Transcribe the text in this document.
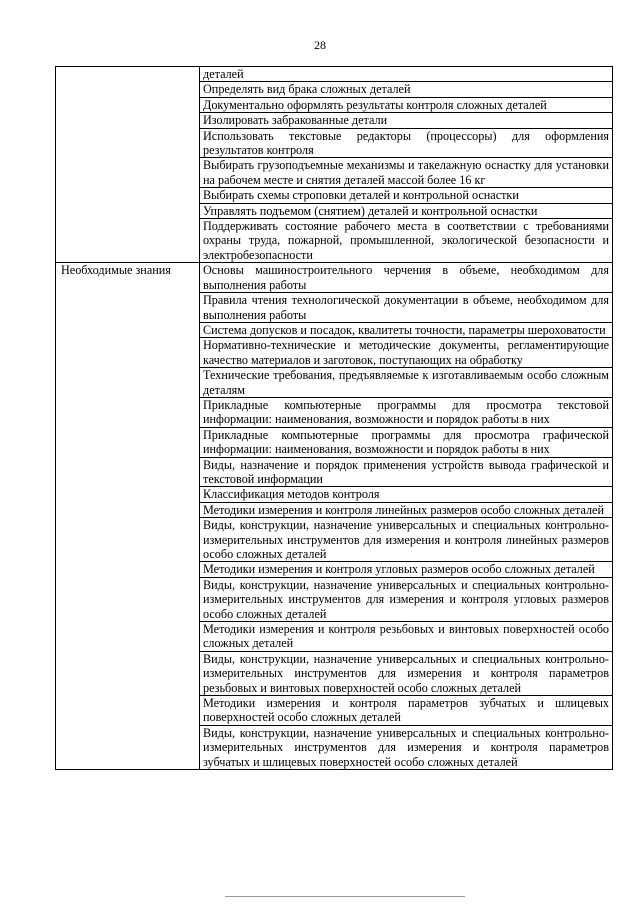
28
	деталей
	Определять вид брака сложных деталей
	Документально оформлять результаты контроля сложных деталей
	Изолировать забракованные детали
	Использовать текстовые редакторы (процессоры) для оформления результатов контроля
	Выбирать грузоподъемные механизмы и такелажную оснастку для установки на рабочем месте и снятия деталей массой более 16 кг
	Выбирать схемы строповки деталей и контрольной оснастки
	Управлять подъемом (снятием) деталей и контрольной оснастки
	Поддерживать состояние рабочего места в соответствии с требованиями охраны труда, пожарной, промышленной, экологической безопасности и электробезопасности
Необходимые знания	Основы машиностроительного черчения в объеме, необходимом для выполнения работы
	Правила чтения технологической документации в объеме, необходимом для выполнения работы
	Система допусков и посадок, квалитеты точности, параметры шероховатости
	Нормативно-технические и методические документы, регламентирующие качество материалов и заготовок, поступающих на обработку
	Технические требования, предъявляемые к изготавливаемым особо сложным деталям
	Прикладные компьютерные программы для просмотра текстовой информации: наименования, возможности и порядок работы в них
	Прикладные компьютерные программы для просмотра графической информации: наименования, возможности и порядок работы в них
	Виды, назначение и порядок применения устройств вывода графической и текстовой информации
	Классификация методов контроля
	Методики измерения и контроля линейных размеров особо сложных деталей
	Виды, конструкции, назначение универсальных и специальных контрольно-измерительных инструментов для измерения и контроля линейных размеров особо сложных деталей
	Методики измерения и контроля угловых размеров особо сложных деталей
	Виды, конструкции, назначение универсальных и специальных контрольно-измерительных инструментов для измерения и контроля угловых размеров особо сложных деталей
	Методики измерения и контроля резьбовых и винтовых поверхностей особо сложных деталей
	Виды, конструкции, назначение универсальных и специальных контрольно-измерительных инструментов для измерения и контроля параметров резьбовых и винтовых поверхностей особо сложных деталей
	Методики измерения и контроля параметров зубчатых и шлицевых поверхностей особо сложных деталей
	Виды, конструкции, назначение универсальных и специальных контрольно-измерительных инструментов для измерения и контроля параметров зубчатых и шлицевых поверхностей особо сложных деталей
